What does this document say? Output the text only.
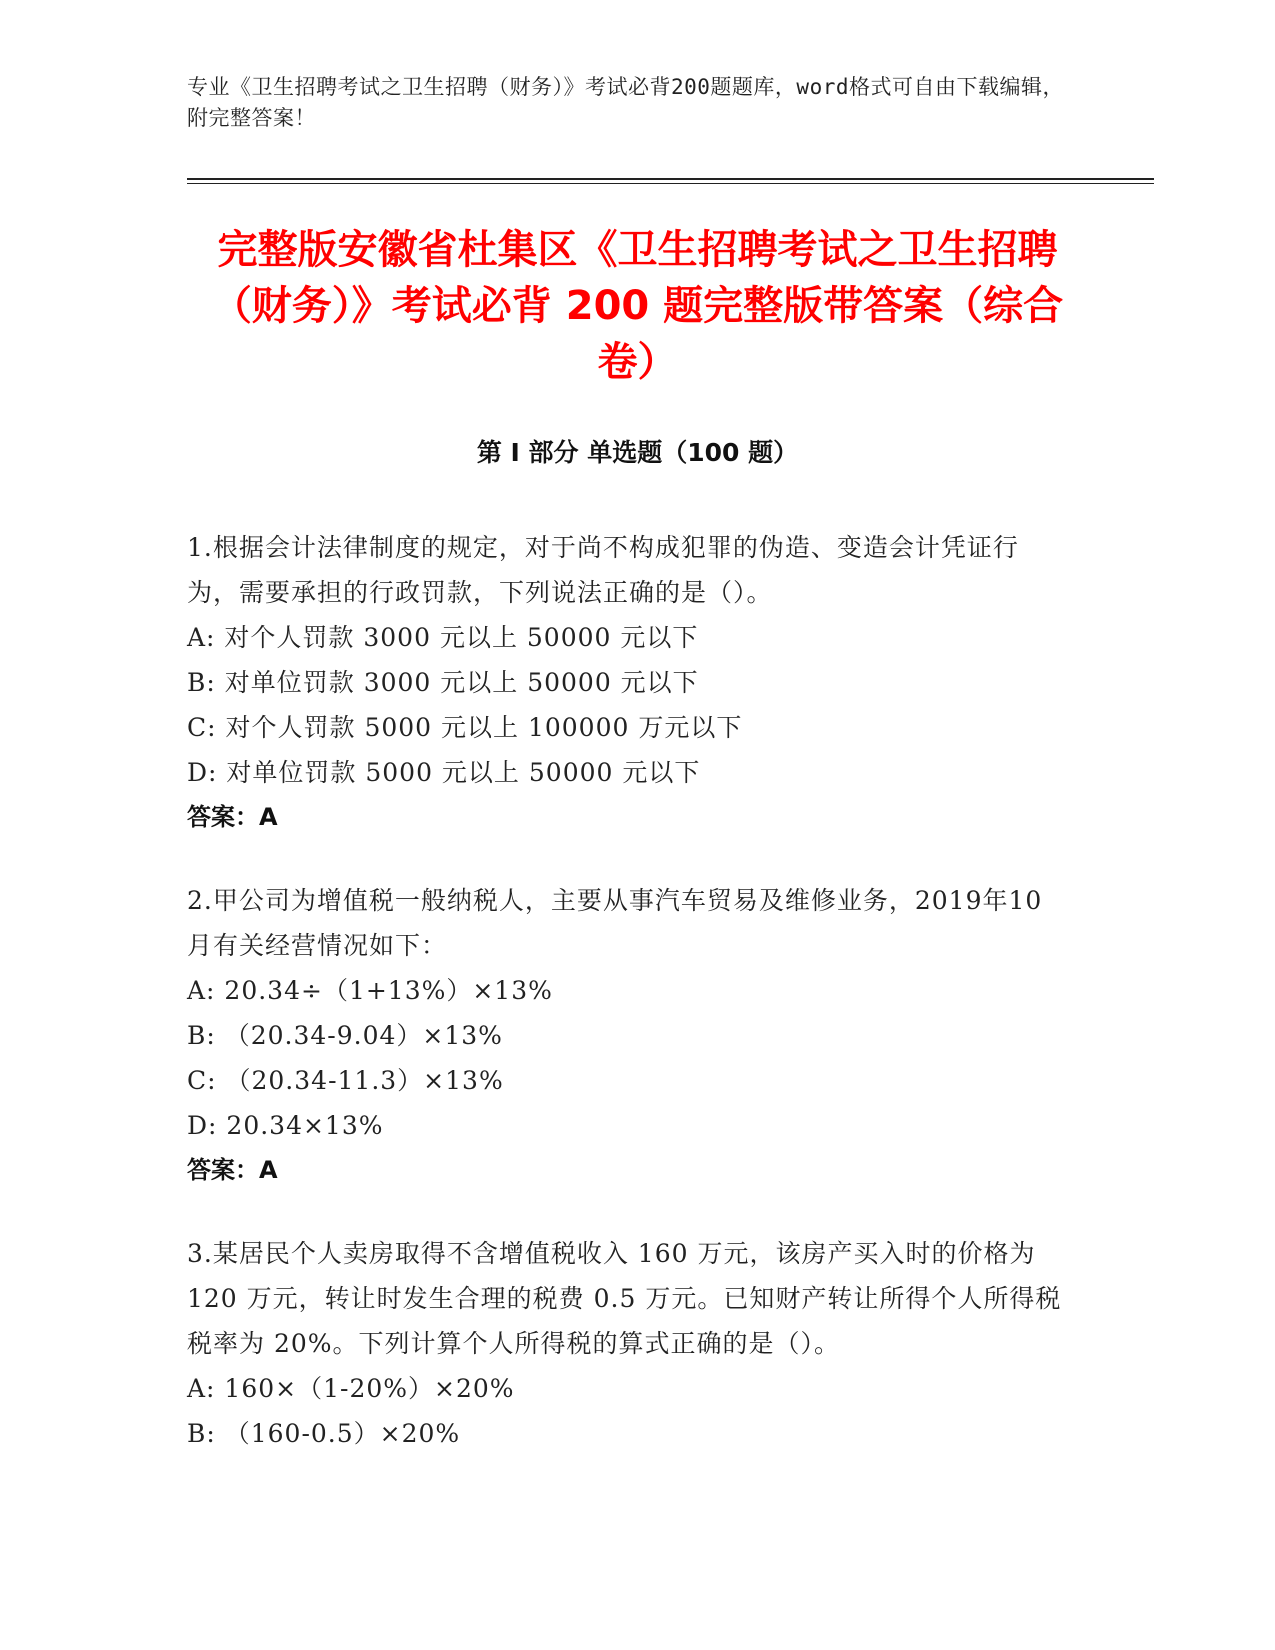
专业《卫生招聘考试之卫生招聘（财务）》考试必背200题题库，word格式可自由下载编辑，附完整答案！
完整版安徽省杜集区《卫生招聘考试之卫生招聘（财务）》考试必背 200 题完整版带答案（综合卷）
第 I 部分 单选题（100 题）
1.根据会计法律制度的规定，对于尚不构成犯罪的伪造、变造会计凭证行为，需要承担的行政罚款，下列说法正确的是（）。
A: 对个人罚款 3000 元以上 50000 元以下
B: 对单位罚款 3000 元以上 50000 元以下
C: 对个人罚款 5000 元以上 100000 万元以下
D: 对单位罚款 5000 元以上 50000 元以下
答案：A
2.甲公司为增值税一般纳税人，主要从事汽车贸易及维修业务，2019年10月有关经营情况如下：
A: 20.34÷（1+13%）×13%
B: （20.34-9.04）×13%
C: （20.34-11.3）×13%
D: 20.34×13%
答案：A
3.某居民个人卖房取得不含增值税收入 160 万元，该房产买入时的价格为 120 万元，转让时发生合理的税费 0.5 万元。已知财产转让所得个人所得税税率为 20%。下列计算个人所得税的算式正确的是（）。
A: 160×（1-20%）×20%
B: （160-0.5）×20%
